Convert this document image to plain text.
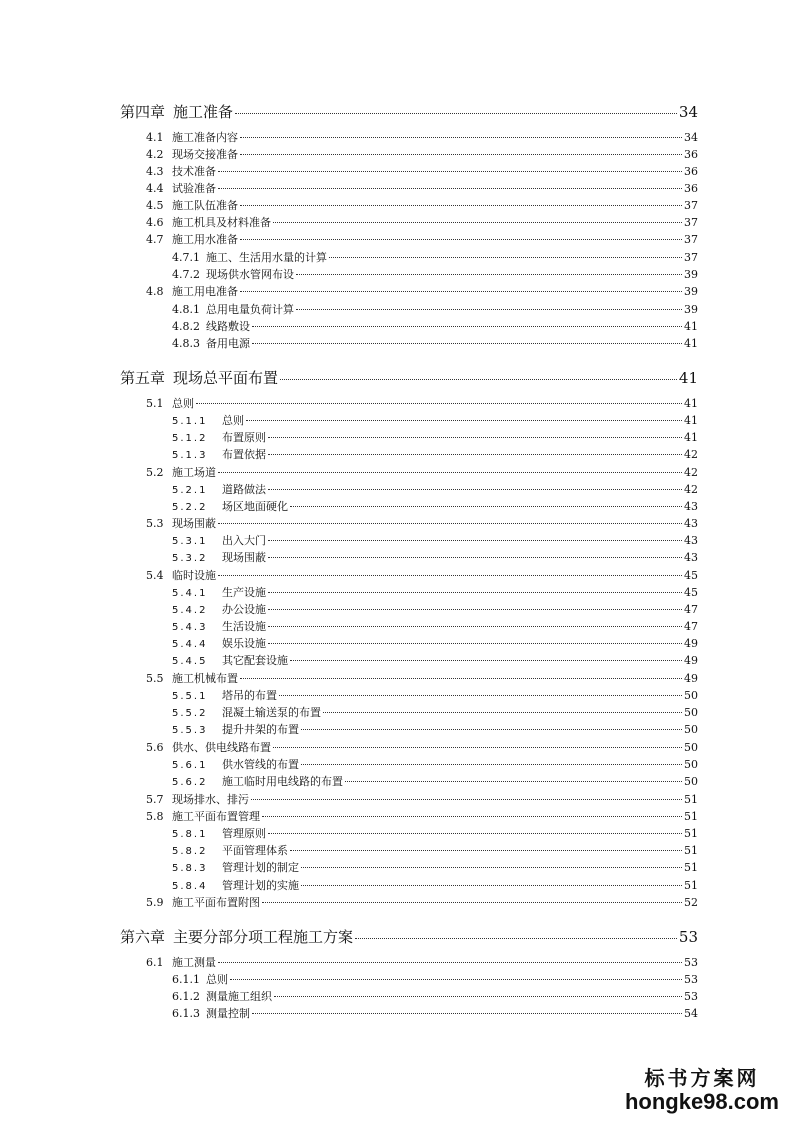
第四章 施工准备	34
4.1 施工准备内容	34
4.2 现场交接准备	36
4.3 技术准备	36
4.4 试验准备	36
4.5 施工队伍准备	37
4.6 施工机具及材料准备	37
4.7 施工用水准备	37
4.7.1 施工、生活用水量的计算	37
4.7.2 现场供水管网布设	39
4.8 施工用电准备	39
4.8.1 总用电量负荷计算	39
4.8.2 线路敷设	41
4.8.3 备用电源	41
第五章 现场总平面布置	41
5.1 总则	41
5.1.1 总则	41
5.1.2 布置原则	41
5.1.3 布置依据	42
5.2 施工场道	42
5.2.1 道路做法	42
5.2.2 场区地面硬化	43
5.3 现场围蔽	43
5.3.1 出入大门	43
5.3.2 现场围蔽	43
5.4 临时设施	45
5.4.1 生产设施	45
5.4.2 办公设施	47
5.4.3 生活设施	47
5.4.4 娱乐设施	49
5.4.5 其它配套设施	49
5.5 施工机械布置	49
5.5.1 塔吊的布置	50
5.5.2 混凝土输送泵的布置	50
5.5.3 提升井架的布置	50
5.6 供水、供电线路布置	50
5.6.1 供水管线的布置	50
5.6.2 施工临时用电线路的布置	50
5.7 现场排水、排污	51
5.8 施工平面布置管理	51
5.8.1 管理原则	51
5.8.2 平面管理体系	51
5.8.3 管理计划的制定	51
5.8.4 管理计划的实施	51
5.9 施工平面布置附图	52
第六章 主要分部分项工程施工方案	53
6.1 施工测量	53
6.1.1 总则	53
6.1.2 测量施工组织	53
6.1.3 测量控制	54
标书方案网
hongke98.com
